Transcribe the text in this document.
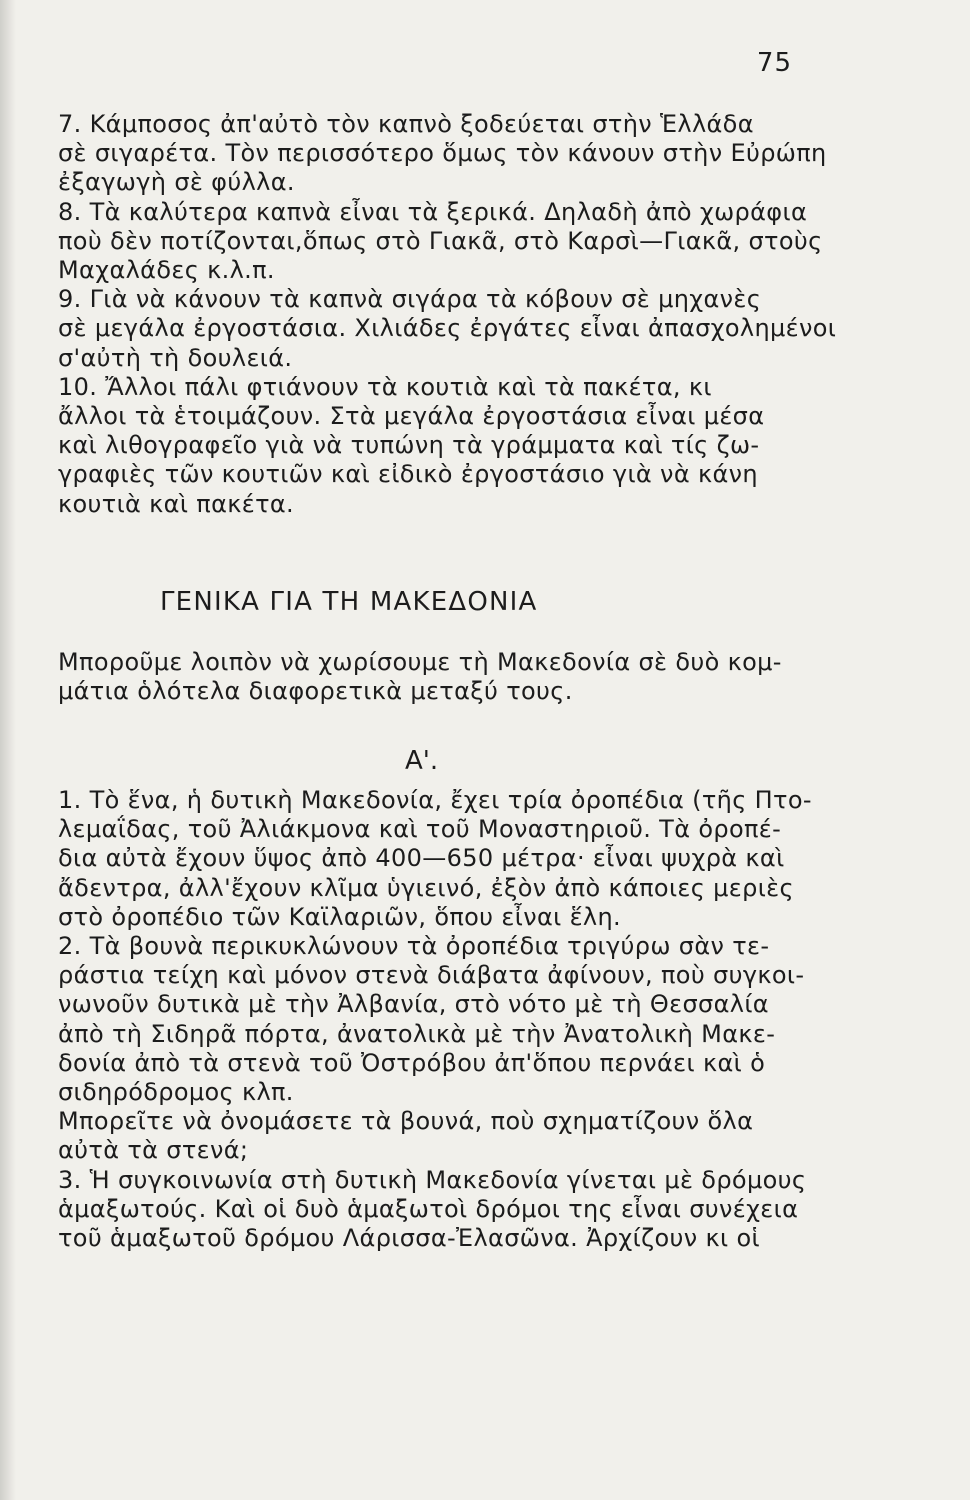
75

7. Κάμποσος ἀπ'αὐτὸ τὸν καπνὸ ξοδεύεται στὴν Ἑλλάδα
σὲ σιγαρέτα. Τὸν περισσότερο ὅμως τὸν κάνουν στὴν Εὐρώπη
ἐξαγωγὴ σὲ φύλλα.
8. Τὰ καλύτερα καπνὰ εἶναι τὰ ξερικά. Δηλαδὴ ἀπὸ χωράφια
ποὺ δὲν ποτίζονται,ὅπως στὸ Γιακᾶ, στὸ Καρσὶ—Γιακᾶ, στοὺς
Μαχαλάδες κ.λ.π.
9. Γιὰ νὰ κάνουν τὰ καπνὰ σιγάρα τὰ κόβουν σὲ μηχανὲς
σὲ μεγάλα ἐργοστάσια. Χιλιάδες ἐργάτες εἶναι ἀπασχολημένοι
σ'αὐτὴ τὴ δουλειά.
10. Ἄλλοι πάλι φτιάνουν τὰ κουτιὰ καὶ τὰ πακέτα, κι
ἄλλοι τὰ ἑτοιμάζουν. Στὰ μεγάλα ἐργοστάσια εἶναι μέσα
καὶ λιθογραφεῖο γιὰ νὰ τυπώνη τὰ γράμματα καὶ τίς ζω-
γραφιὲς τῶν κουτιῶν καὶ εἰδικὸ ἐργοστάσιο γιὰ νὰ κάνη
κουτιὰ καὶ πακέτα.

ΓΕΝΙΚΑ ΓΙΑ ΤΗ ΜΑΚΕΔΟΝΙΑ

Μποροῦμε λοιπὸν νὰ χωρίσουμε τὴ Μακεδονία σὲ δυὸ κομ-
μάτια ὁλότελα διαφορετικὰ μεταξύ τους.

Α'.

1. Τὸ ἕνα, ἡ δυτικὴ Μακεδονία, ἔχει τρία ὀροπέδια (τῆς Πτο-
λεμαΐδας, τοῦ Ἀλιάκμονα καὶ τοῦ Μοναστηριοῦ. Τὰ ὀροπέ-
δια αὐτὰ ἔχουν ὕψος ἀπὸ 400—650 μέτρα· εἶναι ψυχρὰ καὶ
ἄδεντρα, ἀλλ'ἔχουν κλῖμα ὑγιεινό, ἐξὸν ἀπὸ κάποιες μεριὲς
στὸ ὀροπέδιο τῶν Καϊλαριῶν, ὅπου εἶναι ἕλη.
2. Τὰ βουνὰ περικυκλώνουν τὰ ὀροπέδια τριγύρω σὰν τε-
ράστια τείχη καὶ μόνον στενὰ διάβατα ἀφίνουν, ποὺ συγκοι-
νωνοῦν δυτικὰ μὲ τὴν Ἀλβανία, στὸ νότο μὲ τὴ Θεσσαλία
ἀπὸ τὴ Σιδηρᾶ πόρτα, ἀνατολικὰ μὲ τὴν Ἀνατολικὴ Μακε-
δονία ἀπὸ τὰ στενὰ τοῦ Ὀστρόβου ἀπ'ὅπου περνάει καὶ ὁ
σιδηρόδρομος κλπ.
Μπορεῖτε νὰ ὀνομάσετε τὰ βουνά, ποὺ σχηματίζουν ὅλα
αὐτὰ τὰ στενά;
3. Ἡ συγκοινωνία στὴ δυτικὴ Μακεδονία γίνεται μὲ δρόμους
ἁμαξωτούς. Καὶ οἱ δυὸ ἁμαξωτοὶ δρόμοι της εἶναι συνέχεια
τοῦ ἁμαξωτοῦ δρόμου Λάρισσα-Ἐλασῶνα. Ἀρχίζουν κι οἱ
